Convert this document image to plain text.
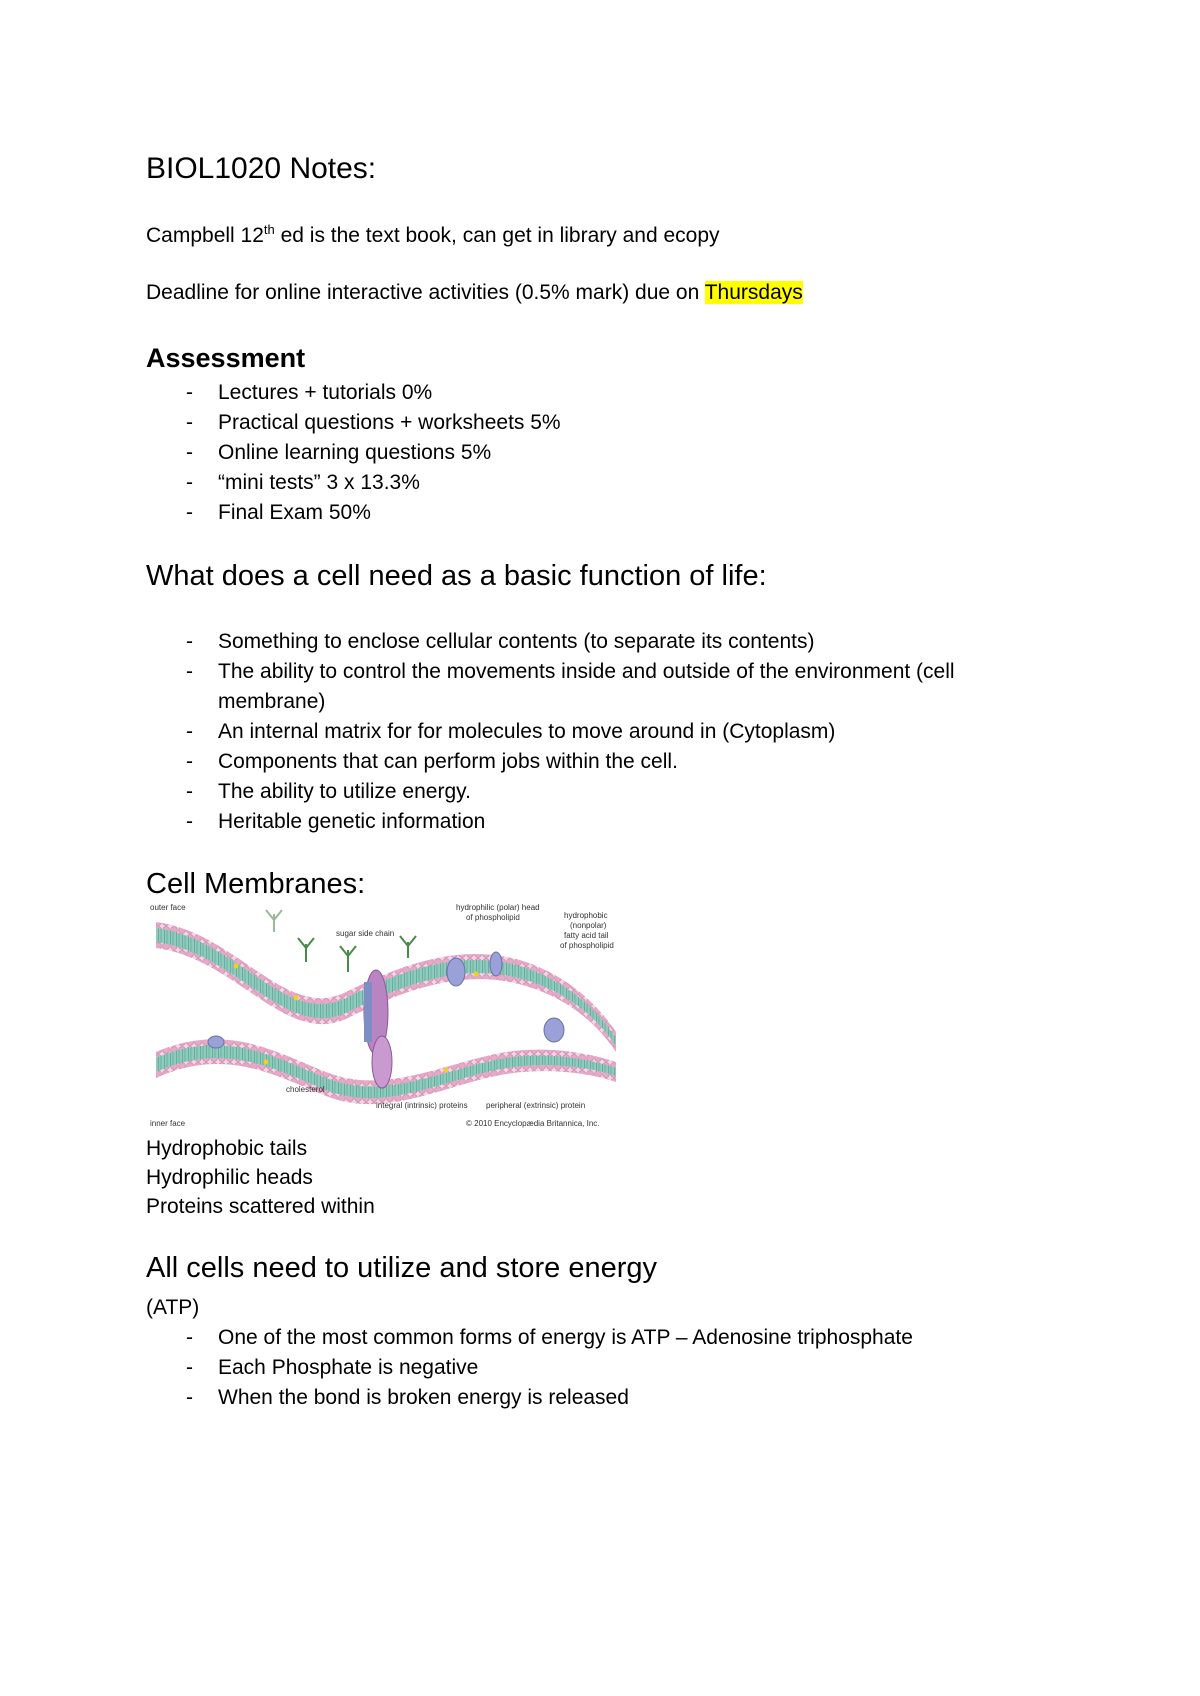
BIOL1020 Notes:
Campbell 12th ed is the text book, can get in library and ecopy
Deadline for online interactive activities (0.5% mark) due on Thursdays
Assessment
- Lectures + tutorials 0%
- Practical questions + worksheets 5%
- Online learning questions 5%
- “mini tests” 3 x 13.3%
- Final Exam 50%
What does a cell need as a basic function of life:
- Something to enclose cellular contents (to separate its contents)
- The ability to control the movements inside and outside of the environment (cell membrane)
- An internal matrix for for molecules to move around in (Cytoplasm)
- Components that can perform jobs within the cell.
- The ability to utilize energy.
- Heritable genetic information
Cell Membranes:
outer face
inner face
sugar side chain
hydrophilic (polar) head
of phospholipid	hydrophobic
(nonpolar)
fatty acid tail
of phospholipid
cholesterol
integral (intrinsic) proteins peripheral (extrinsic) protein
© 2010 Encyclopædia Britannica, Inc.
Hydrophobic tails
Hydrophilic heads
Proteins scattered within
All cells need to utilize and store energy
(ATP)
- One of the most common forms of energy is ATP – Adenosine triphosphate
- Each Phosphate is negative
- When the bond is broken energy is released
